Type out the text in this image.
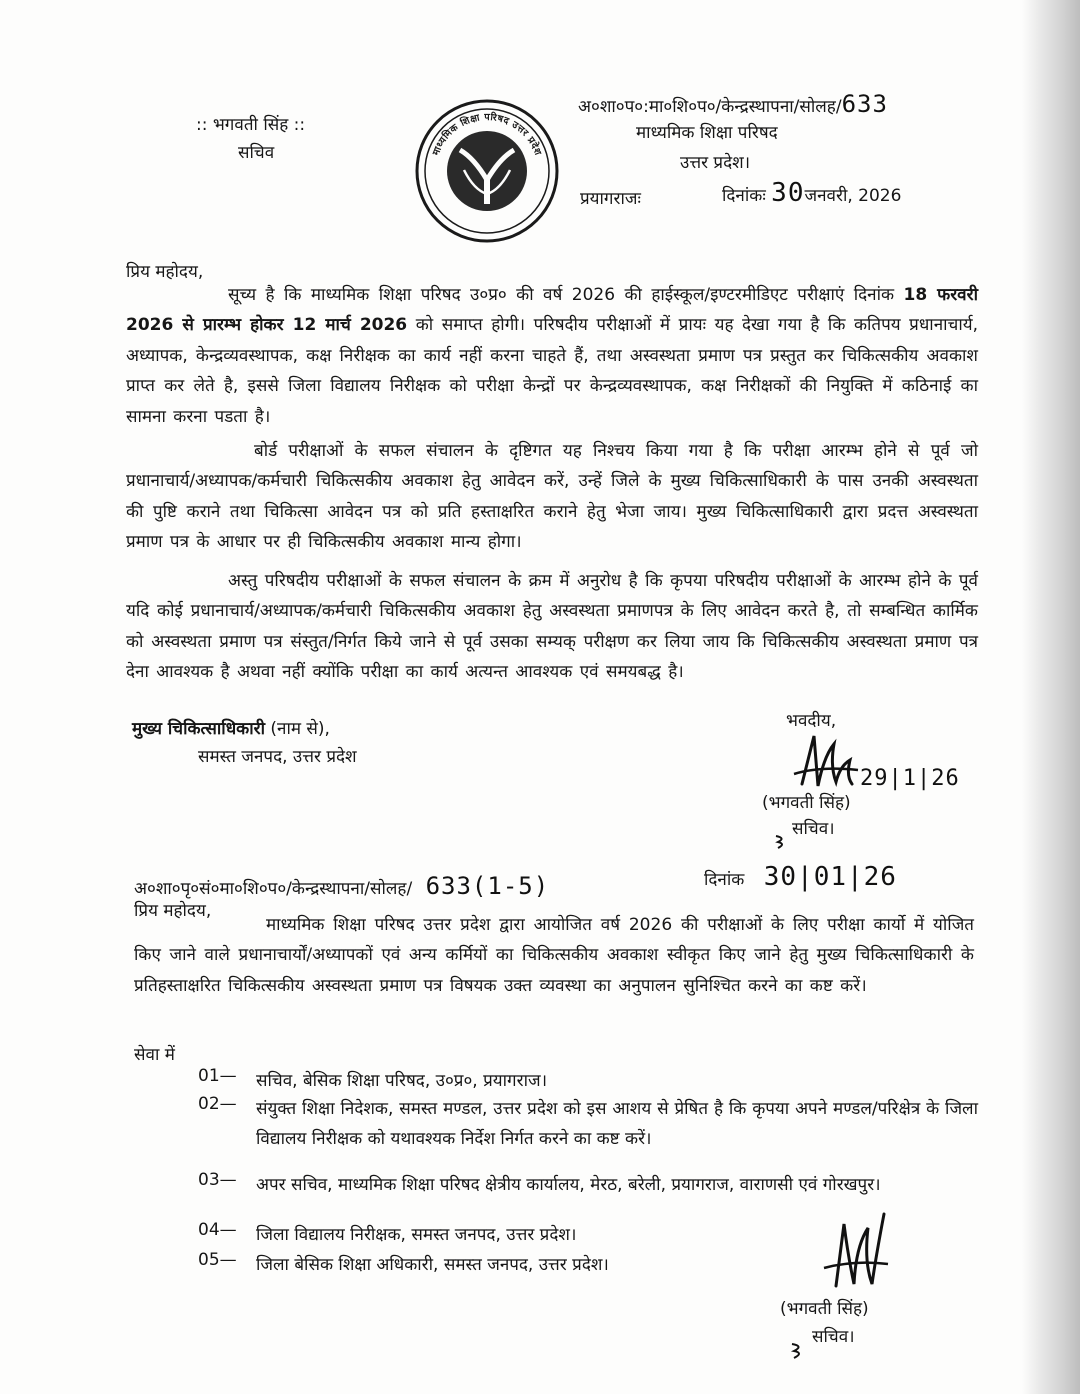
:: भगवती सिंह ::
सचिव	माध्यमिक शिक्षा परिषद उत्तर प्रदेश
अ०शा०प०:मा०शि०प०/केन्द्रस्थापना/सोलह/633
माध्यमिक शिक्षा परिषद
उत्तर प्रदेश।
प्रयागराजः	दिनांकः 30जनवरी, 2026
प्रिय महोदय,
सूच्य है कि माध्यमिक शिक्षा परिषद उ०प्र० की वर्ष 2026 की हाईस्कूल/इण्टरमीडिएट परीक्षाएं दिनांक 18 फरवरी 2026 से प्रारम्भ होकर 12 मार्च 2026 को समाप्त होगी। परिषदीय परीक्षाओं में प्रायः यह देखा गया है कि कतिपय प्रधानाचार्य, अध्यापक, केन्द्रव्यवस्थापक, कक्ष निरीक्षक का कार्य नहीं करना चाहते हैं, तथा अस्वस्थता प्रमाण पत्र प्रस्तुत कर चिकित्सकीय अवकाश प्राप्त कर लेते है, इससे जिला विद्यालय निरीक्षक को परीक्षा केन्द्रों पर केन्द्रव्यवस्थापक, कक्ष निरीक्षकों की नियुक्ति में कठिनाई का सामना करना पडता है।
बोर्ड परीक्षाओं के सफल संचालन के दृष्टिगत यह निश्चय किया गया है कि परीक्षा आरम्भ होने से पूर्व जो प्रधानाचार्य/अध्यापक/कर्मचारी चिकित्सकीय अवकाश हेतु आवेदन करें, उन्हें जिले के मुख्य चिकित्साधिकारी के पास उनकी अस्वस्थता की पुष्टि कराने तथा चिकित्सा आवेदन पत्र को प्रति हस्ताक्षरित कराने हेतु भेजा जाय। मुख्य चिकित्साधिकारी द्वारा प्रदत्त अस्वस्थता प्रमाण पत्र के आधार पर ही चिकित्सकीय अवकाश मान्य होगा।
अस्तु परिषदीय परीक्षाओं के सफल संचालन के क्रम में अनुरोध है कि कृपया परिषदीय परीक्षाओं के आरम्भ होने के पूर्व यदि कोई प्रधानाचार्य/अध्यापक/कर्मचारी चिकित्सकीय अवकाश हेतु अस्वस्थता प्रमाणपत्र के लिए आवेदन करते है, तो सम्बन्धित कार्मिक को अस्वस्थता प्रमाण पत्र संस्तुत/निर्गत किये जाने से पूर्व उसका सम्यक् परीक्षण कर लिया जाय कि चिकित्सकीय अस्वस्थता प्रमाण पत्र देना आवश्यक है अथवा नहीं क्योंकि परीक्षा का कार्य अत्यन्त आवश्यक एवं समयबद्ध है।
मुख्य चिकित्साधिकारी (नाम से),
समस्त जनपद, उत्तर प्रदेश
भवदीय,
29|1|26
(भगवती सिंह)
सचिव।
अ०शा०पृ०सं०मा०शि०प०/केन्द्रस्थापना/सोलह/ 633(1-5)	दिनांक 30|01|26
प्रिय महोदय,
माध्यमिक शिक्षा परिषद उत्तर प्रदेश द्वारा आयोजित वर्ष 2026 की परीक्षाओं के लिए परीक्षा कार्यो में योजित किए जाने वाले प्रधानाचार्यों/अध्यापकों एवं अन्य कर्मियों का चिकित्सकीय अवकाश स्वीकृत किए जाने हेतु मुख्य चिकित्साधिकारी के प्रतिहस्ताक्षरित चिकित्सकीय अस्वस्थता प्रमाण पत्र विषयक उक्त व्यवस्था का अनुपालन सुनिश्चित करने का कष्ट करें।
सेवा में
01— सचिव, बेसिक शिक्षा परिषद, उ०प्र०, प्रयागराज।
02— संयुक्त शिक्षा निदेशक, समस्त मण्डल, उत्तर प्रदेश को इस आशय से प्रेषित है कि कृपया अपने मण्डल/परिक्षेत्र के जिला विद्यालय निरीक्षक को यथावश्यक निर्देश निर्गत करने का कष्ट करें।
03— अपर सचिव, माध्यमिक शिक्षा परिषद क्षेत्रीय कार्यालय, मेरठ, बरेली, प्रयागराज, वाराणसी एवं गोरखपुर।
04— जिला विद्यालय निरीक्षक, समस्त जनपद, उत्तर प्रदेश।
05— जिला बेसिक शिक्षा अधिकारी, समस्त जनपद, उत्तर प्रदेश।
(भगवती सिंह)
सचिव।
